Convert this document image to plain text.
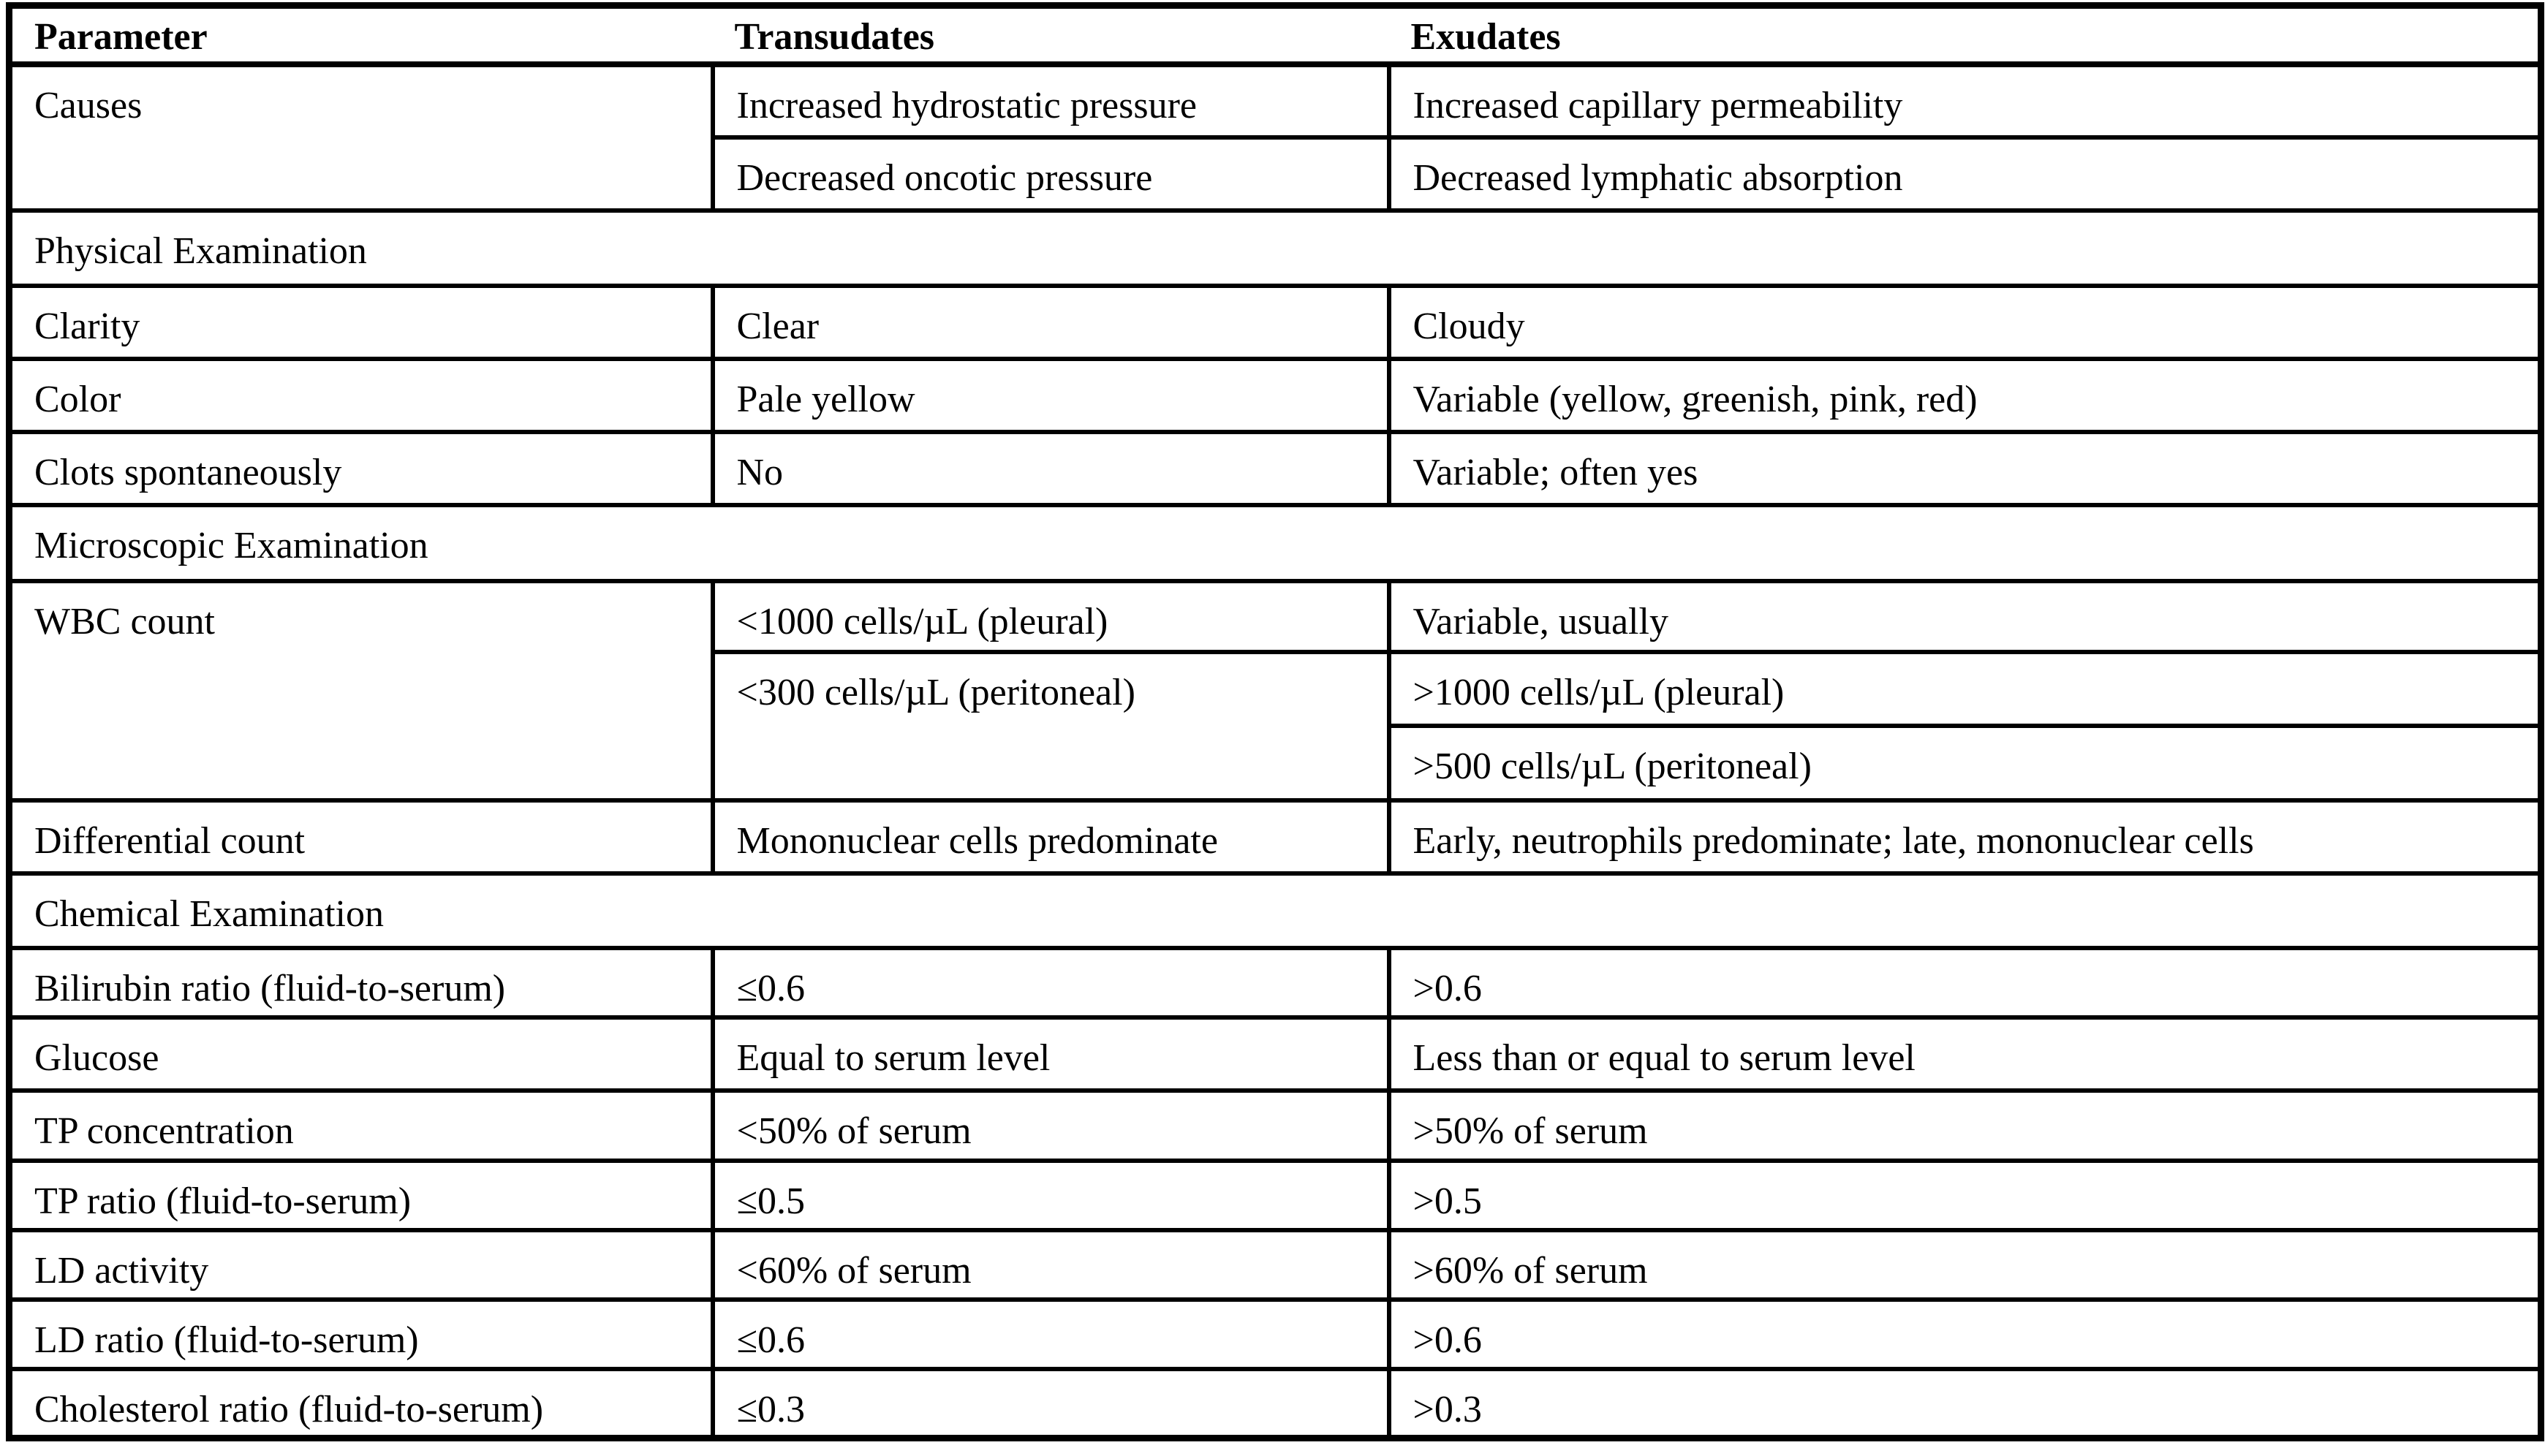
Parameter	Transudates	Exudates
Causes	Increased hydrostatic pressure	Increased capillary permeability
	Decreased oncotic pressure	Decreased lymphatic absorption
Physical Examination		
Clarity	Clear	Cloudy
Color	Pale yellow	Variable (yellow, greenish, pink, red)
Clots spontaneously	No	Variable; often yes
Microscopic Examination		
WBC count	<1000 cells/µL (pleural)	Variable, usually
	<300 cells/µL (peritoneal)	>1000 cells/µL (pleural)
		>500 cells/µL (peritoneal)
Differential count	Mononuclear cells predominate	Early, neutrophils predominate; late, mononuclear cells
Chemical Examination		
Bilirubin ratio (fluid-to-serum)	≤0.6	>0.6
Glucose	Equal to serum level	Less than or equal to serum level
TP concentration	<50% of serum	>50% of serum
TP ratio (fluid-to-serum)	≤0.5	>0.5
LD activity	<60% of serum	>60% of serum
LD ratio (fluid-to-serum)	≤0.6	>0.6
Cholesterol ratio (fluid-to-serum)	≤0.3	>0.3
